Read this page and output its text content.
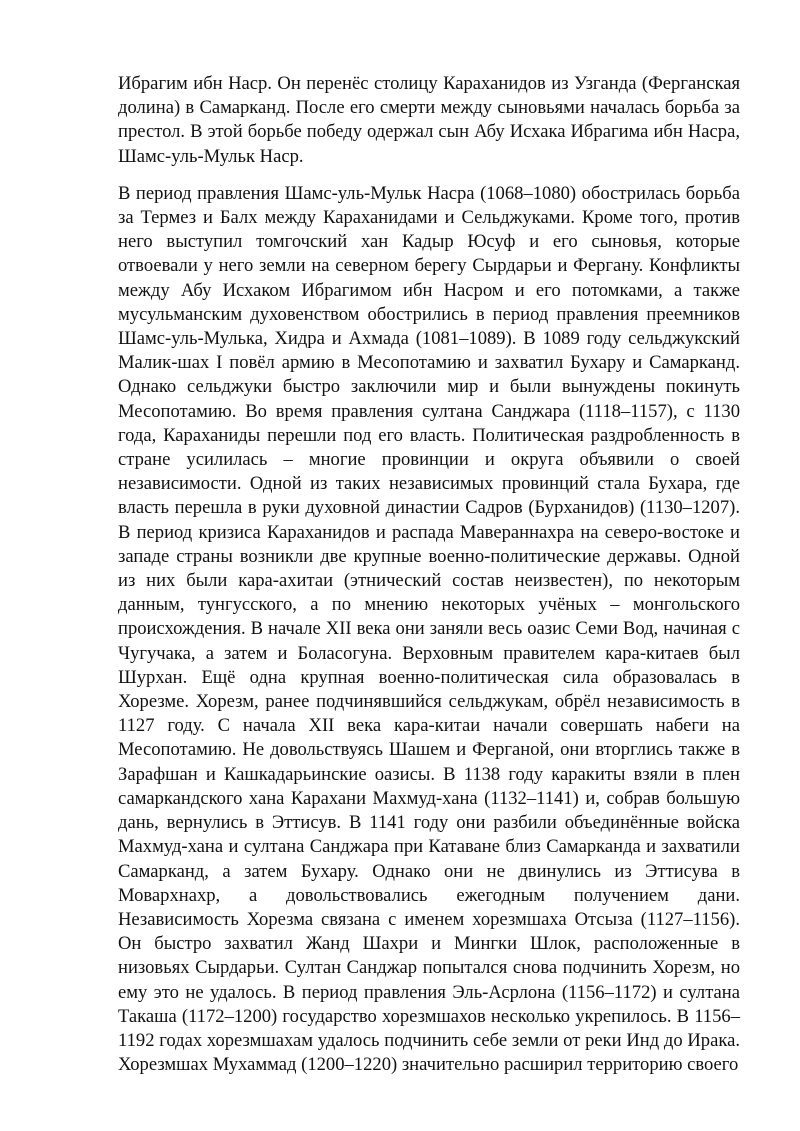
Ибрагим ибн Наср. Он перенёс столицу Караханидов из Узганда (Ферганская долина) в Самарканд. После его смерти между сыновьями началась борьба за престол. В этой борьбе победу одержал сын Абу Исхака Ибрагима ибн Насра, Шамс-уль-Мульк Наср.

В период правления Шамс-уль-Мульк Насра (1068–1080) обострилась борьба за Термез и Балх между Караханидами и Сельджуками. Кроме того, против него выступил томгочский хан Кадыр Юсуф и его сыновья, которые отвоевали у него земли на северном берегу Сырдарьи и Фергану. Конфликты между Абу Исхаком Ибрагимом ибн Насром и его потомками, а также мусульманским духовенством обострились в период правления преемников Шамс-уль-Мулька, Хидра и Ахмада (1081–1089). В 1089 году сельджукский Малик-шах I повёл армию в Месопотамию и захватил Бухару и Самарканд. Однако сельджуки быстро заключили мир и были вынуждены покинуть Месопотамию. Во время правления султана Санджара (1118–1157), с 1130 года, Караханиды перешли под его власть. Политическая раздробленность в стране усилилась – многие провинции и округа объявили о своей независимости. Одной из таких независимых провинций стала Бухара, где власть перешла в руки духовной династии Садров (Бурханидов) (1130–1207). В период кризиса Караханидов и распада Мавераннахра на северо-востоке и западе страны возникли две крупные военно-политические державы. Одной из них были кара-ахитаи (этнический состав неизвестен), по некоторым данным, тунгусского, а по мнению некоторых учёных – монгольского происхождения. В начале XII века они заняли весь оазис Семи Вод, начиная с Чугучака, а затем и Боласогуна. Верховным правителем кара-китаев был Шурхан. Ещё одна крупная военно-политическая сила образовалась в Хорезме. Хорезм, ранее подчинявшийся сельджукам, обрёл независимость в 1127 году. С начала XII века кара-китаи начали совершать набеги на Месопотамию. Не довольствуясь Шашем и Ферганой, они вторглись также в Зарафшан и Кашкадарьинские оазисы. В 1138 году каракиты взяли в плен самаркандского хана Карахани Махмуд-хана (1132–1141) и, собрав большую дань, вернулись в Эттисув. В 1141 году они разбили объединённые войска Махмуд-хана и султана Санджара при Катаване близ Самарканда и захватили Самарканд, а затем Бухару. Однако они не двинулись из Эттисува в Мовархнахр, а довольствовались ежегодным получением дани. Независимость Хорезма связана с именем хорезмшаха Отсыза (1127–1156). Он быстро захватил Жанд Шахри и Мингки Шлок, расположенные в низовьях Сырдарьи. Султан Санджар попытался снова подчинить Хорезм, но ему это не удалось. В период правления Эль-Асрлона (1156–1172) и султана Такаша (1172–1200) государство хорезмшахов несколько укрепилось. В 1156–1192 годах хорезмшахам удалось подчинить себе земли от реки Инд до Ирака. Хорезмшах Мухаммад (1200–1220) значительно расширил территорию своего
